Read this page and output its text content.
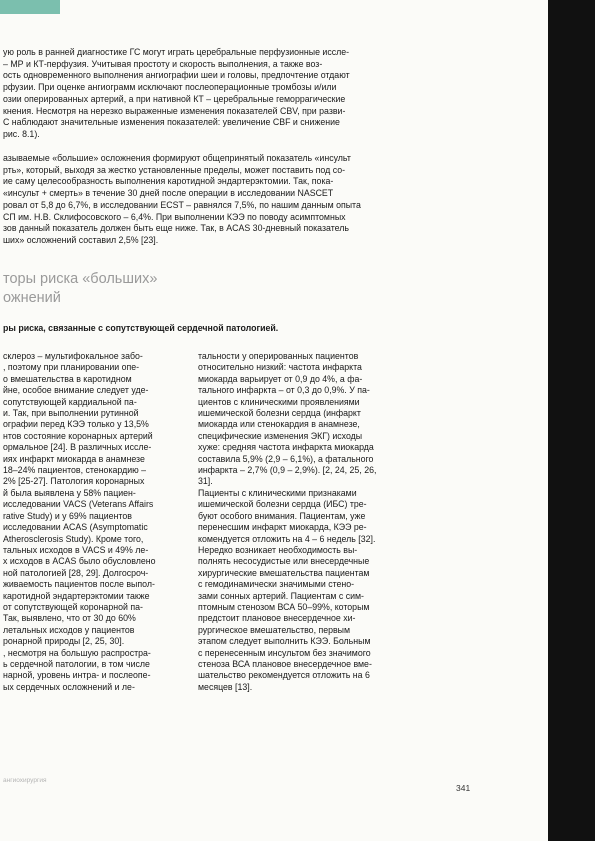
ую роль в ранней диагностике ГС могут играть церебральные перфузионные иссле-
– МР и КТ-перфузия. Учитывая простоту и скорость выполнения, а также воз-
ость одновременного выполнения ангиографии шеи и головы, предпочтение отдают
рфузии. При оценке ангиограмм исключают послеоперационные тромбозы и/или
озии оперированных артерий, а при нативной КТ – церебральные геморрагические
кнения. Несмотря на нерезко выраженные изменения показателей CBV, при разви-
С наблюдают значительные изменения показателей: увеличение CBF и снижение
рис. 8.1).

азываемые «большие» осложнения формируют общепринятый показатель «инсульт
рть», который, выходя за жестко установленные пределы, может поставить под со-
ие саму целесообразность выполнения каротидной эндартерэктомии. Так, пока-
«инсульт + смерть» в течение 30 дней после операции в исследовании NASCET
ровал от 5,8 до 6,7%, в исследовании ECST – равнялся 7,5%, по нашим данным опыта
СП им. Н.В. Склифосовского – 6,4%. При выполнении КЭЭ по поводу асимптомных
зов данный показатель должен быть еще ниже. Так, в ACAS 30-дневный показатель
ших» осложнений составил 2,5% [23].

торы риска «больших»
ожнений

ры риска, связанные с сопутствующей сердечной патологией.

склероз – мультифокальное забо-
, поэтому при планировании опе-
о вмешательства в каротидном
йне, особое внимание следует уде-
сопутствующей кардиальной па-
и. Так, при выполнении рутинной
ографии перед КЭЭ только у 13,5%
нтов состояние коронарных артерий
ормальное [24]. В различных иссле-
иях инфаркт миокарда в анамнезе
18–24% пациентов, стенокардию –
2% [25-27]. Патология коронарных
й была выявлена у 58% пациен-
исследовании VACS (Veterans Affairs
rative Study) и у 69% пациентов
исследовании ACAS (Asymptomatic
Atherosclerosis Study). Кроме того,
тальных исходов в VACS и 49% ле-
х исходов в ACAS было обусловлено
ной патологией [28, 29]. Долгосроч-
живаемость пациентов после выпол-
каротидной эндартерэктомии также
от сопутствующей коронарной па-
Так, выявлено, что от 30 до 60%
летальных исходов у пациентов
ронарной природы [2, 25, 30].
, несмотря на большую распростра-
ь сердечной патологии, в том числе
нарной, уровень интра- и послеопе-
ых сердечных осложнений и ле-
тальности у оперированных пациентов
относительно низкий: частота инфаркта
миокарда варьирует от 0,9 до 4%, а фа-
тального инфаркта – от 0,3 до 0,9%. У па-
циентов с клиническими проявлениями
ишемической болезни сердца (инфаркт
миокарда или стенокардия в анамнезе,
специфические изменения ЭКГ) исходы
хуже: средняя частота инфаркта миокарда
составила 5,9% (2,9 – 6,1%), а фатального
инфаркта – 2,7% (0,9 – 2,9%). [2, 24, 25, 26,
31].
Пациенты с клиническими признаками
ишемической болезни сердца (ИБС) тре-
буют особого внимания. Пациентам, уже
перенесшим инфаркт миокарда, КЭЭ ре-
комендуется отложить на 4 – 6 недель [32].
Нередко возникает необходимость вы-
полнять несосудистые или внесердечные
хирургические вмешательства пациентам
с гемодинамически значимыми стено-
зами сонных артерий. Пациентам с сим-
птомным стенозом ВСА 50–99%, которым
предстоит плановое внесердечное хи-
рургическое вмешательство, первым
этапом следует выполнить КЭЭ. Больным
с перенесенным инсультом без значимого
стеноза ВСА плановое внесердечное вме-
шательство рекомендуется отложить на 6
месяцев [13].
ангиохирургия
341
